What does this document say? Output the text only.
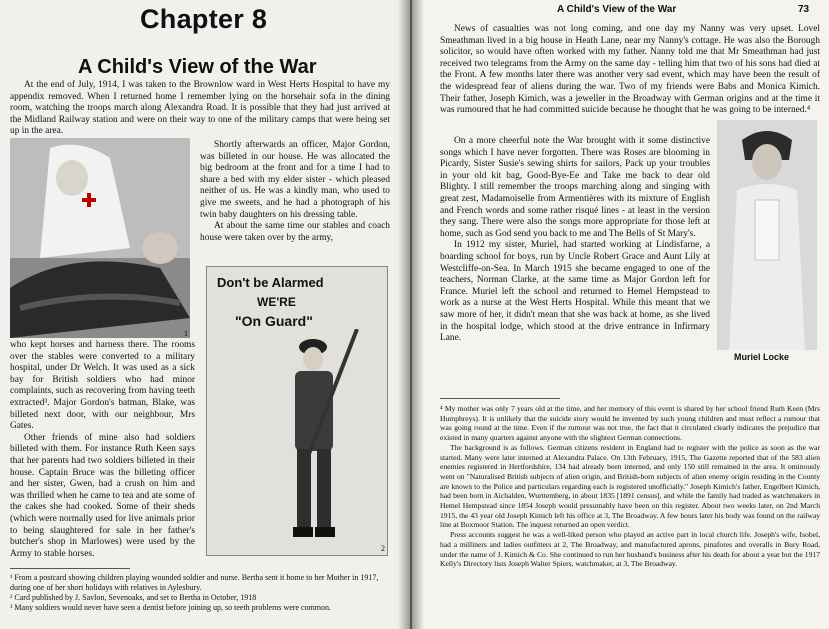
Chapter 8
A Child's View of the War

At the end of July, 1914, I was taken to the Brownlow ward in West Herts Hospital to have my appendix removed. When I returned home I remember lying on the horsehair sofa in the dining room, watching the troops march along Alexandra Road. It is possible that they had just arrived at the Midland Railway station and were on their way to one of the military camps that were being set up in the area.

1

Shortly afterwards an officer, Major Gordon, was billeted in our house. He was allocated the big bedroom at the front and for a time I had to share a bed with my elder sister - which pleased neither of us. He was a kindly man, who used to give me sweets, and he had a photograph of his twin baby daughters on his dressing table.

At about the same time our stables and coach house were taken over by the army,

who kept horses and harness there. The rooms over the stables were converted to a military hospital, under Dr Welch. It was used as a sick bay for British soldiers who had minor complaints, such as recovering from having teeth extracted³. Major Gordon's batman, Blake, was billeted next door, with our neighbour, Mrs Gates.

Other friends of mine also had soldiers billeted with them. For instance Ruth Keen says that her parents had two soldiers billeted in their house. Captain Bruce was the billeting officer and her sister, Gwen, had a crush on him and was thrilled when he came to tea and ate some of the cakes she had cooked. Some of their sheds (which were normally used for live animals prior to being slaughtered for sale in her father's butcher's shop in Marlowes) were used by the Army to stable horses.

Don't be Alarmed
WE'RE
"On Guard"
2

¹ From a postcard showing children playing wounded soldier and nurse. Bertha sent it home to her Mother in 1917, during one of her short holidays with relatives in Aylesbury.

² Card published by J. Savlon, Sevenoaks, and set to Bertha in October, 1918

³ Many soldiers would never have seen a dentist before joining up, so teeth problems were common.

A Child's View of the War	73

News of casualties was not long coming, and one day my Nanny was very upset. Lovel Smeathman lived in a big house in Heath Lane, near my Nanny's cottage. He was also the Borough solicitor, so would have often worked with my father. Nanny told me that Mr Smeathman had just received two telegrams from the Army on the same day - telling him that two of his sons had died at the Front. A few months later there was another very sad event, which may have been the result of the widespread fear of aliens during the war. Two of my friends were Babs and Monica Kimich. Their father, Joseph Kimich, was a jeweller in the Broadway with German origins and at the time it was rumoured that he had committed suicide because he thought that he was going to be interned.⁴

On a more cheerful note the War brought with it some distinctive songs which I have never forgotten. There was Roses are blooming in Picardy, Sister Susie's sewing shirts for sailors, Pack up your troubles in your old kit bag, Good-Bye-Ee and Take me back to dear old Blighty. I still remember the troops marching along and singing with great zest, Madamoiselle from Armentières with its mixture of English and French words and some rather risqué lines - at least in the version they sang. There were also the songs more appropriate for those left at home, such as God send you back to me and The Bells of St Mary's.

In 1912 my sister, Muriel, had started working at Lindisfarne, a boarding school for boys, run by Uncle Robert Grace and Aunt Lily at Westcliffe-on-Sea. In March 1915 she became engaged to one of the teachers, Norman Clarke, at the same time as Major Gordon left for France. Muriel left the school and returned to Hemel Hempstead to work as a nurse at the West Herts Hospital. While this meant that we saw more of her, it didn't mean that she was back at home, as she lived in the hospital lodge, which stood at the drive entrance in Infirmary Lane.

Muriel Locke

⁴ My mother was only 7 years old at the time, and her memory of this event is shared by her school friend Ruth Keen (Mrs Humphreys). It is unlikely that the suicide story would be invented by such young children and must reflect a rumour that was going round at the time. Even if the rumour was not true, the fact that it circulated clearly indicates the prejudice that existed in many quarters against anyone with the slightest German connections.

The background is as follows. German citizens resident in England had to register with the police as soon as the war started. Many were later interned at Alexandra Palace. On 13th February, 1915, The Gazette reported that of the 583 alien enemies registered in Hertfordshire, 134 had already been interned, and only 150 still remained in the area. It ominously went on "Naturalised British subjects of alien origin, and British-born subjects of alien enemy origin residing in the County are known to the Police and particulars regarding each is registered unofficially." Joseph Kimich's father, Engelbert Kimich, had been born in Aichalden, Wurttemberg, in about 1835 [1891 census], and while the family had traded as watchmakers in Hemel Hempstead since 1854 Joseph would presumably have been on this register. About two weeks later, on 2nd March 1915, the 43 year old Joseph Kimich left his office at 3, The Broadway. A few hours later his body was found on the railway line at Boxmoor Station. The inquest returned an open verdict.

Press accounts suggest he was a well-liked person who played an active part in local church life. Joseph's wife, Isobel, had a milliners and ladies outfitters at 2, The Broadway, and manufactured aprons, pinafores and overalls in Bury Road, under the name of J. Kimich & Co. She continued to run her husband's business after his death for about a year but the 1917 Kelly's Directory lists Joseph Walter Spiers, watchmaker, at 3, The Broadway.
